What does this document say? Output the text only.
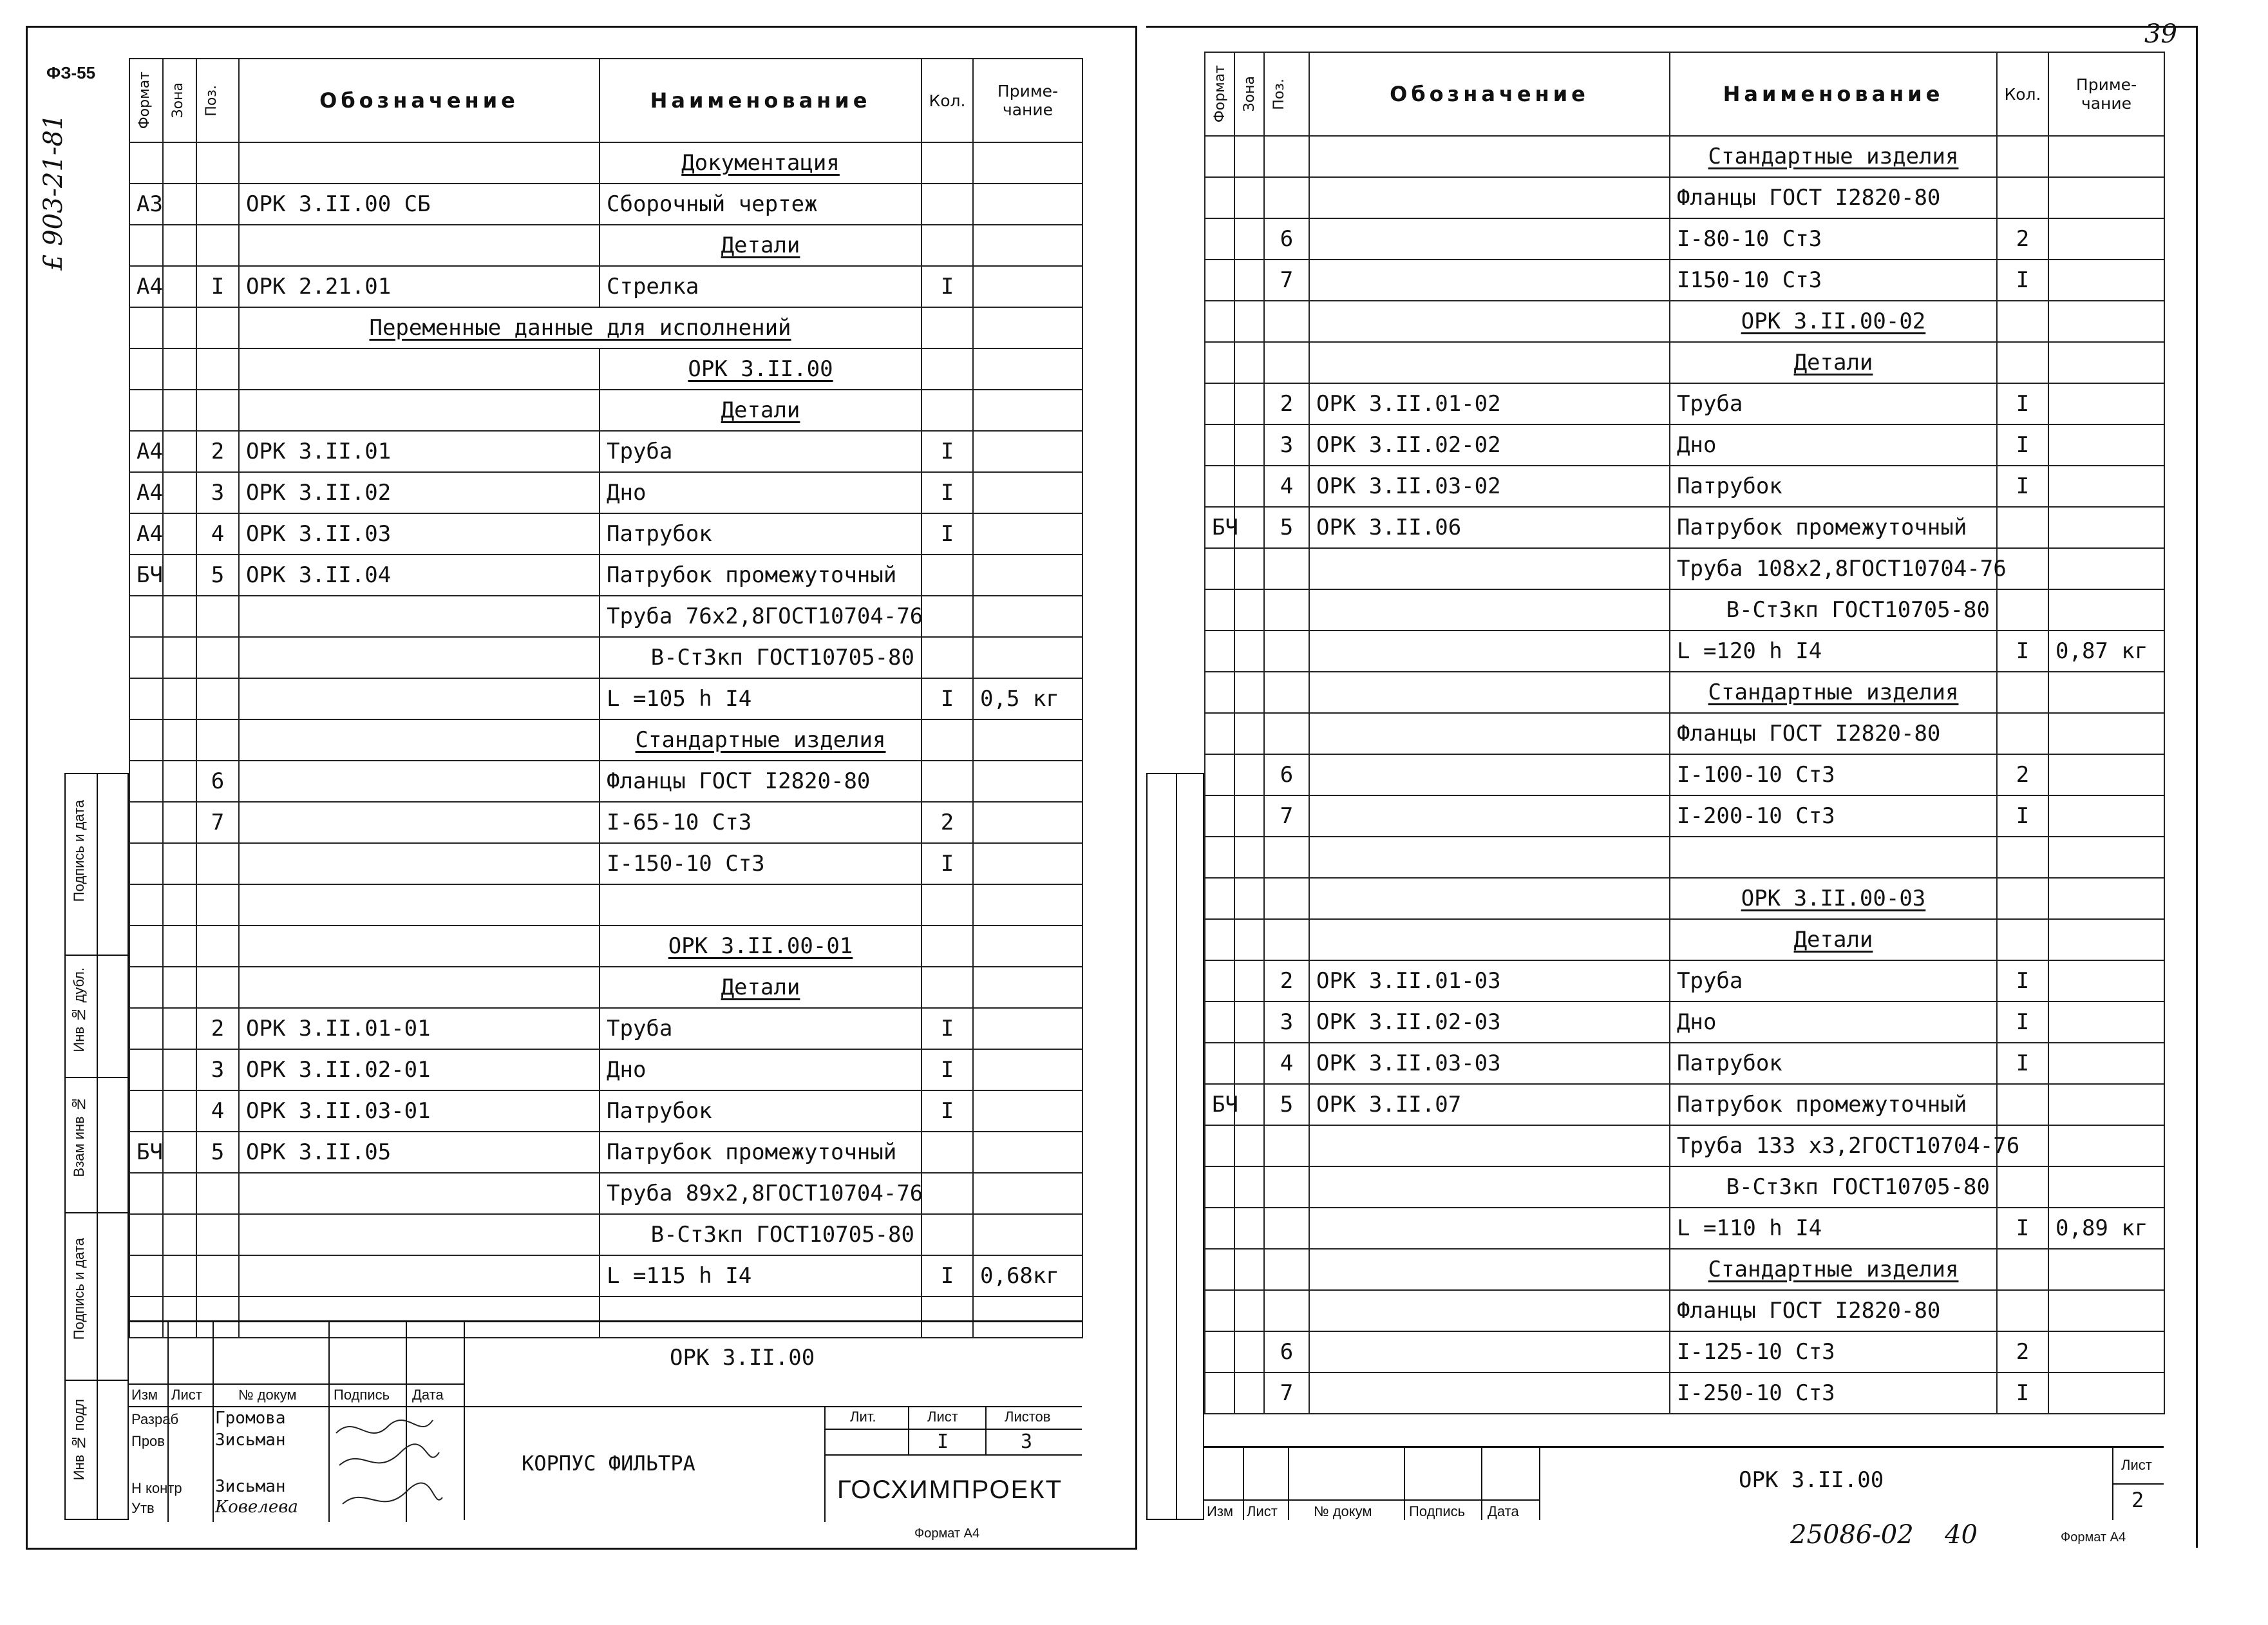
ФЗ-55
£ 903-21-81
Подпись и дата
Инв № дубл.
Взам инв №
Подпись и дата
Инв № подл
Формат	Зона	Поз.	Обозначение	Наименование	Кол.	Приме-чание
				Документация		
А3			ОРК 3.II.00 СБ	Сборочный чертеж		
				Детали		
А4		I	ОРК 2.21.01	Стрелка	I	
			Переменные данные для исполнений			
				ОРК 3.II.00		
				Детали		
А4		2	ОРК 3.II.01	Труба	I	
А4		3	ОРК 3.II.02	Дно	I	
А4		4	ОРК 3.II.03	Патрубок	I	
БЧ		5	ОРК 3.II.04	Патрубок промежуточный		
				Труба 76х2,8ГОСТ10704-76		
				В-Ст3кп ГОСТ10705-80		
				L =105 h I4	I	0,5 кг
				Стандартные изделия		
		6		Фланцы ГОСТ I2820-80		
		7		I-65-10 Ст3	2	
				I-150-10 Ст3	I	

				ОРК 3.II.00-01		
				Детали		
		2	ОРК 3.II.01-01	Труба	I	
		3	ОРК 3.II.02-01	Дно	I	
		4	ОРК 3.II.03-01	Патрубок	I	
БЧ		5	ОРК 3.II.05	Патрубок промежуточный		
				Труба 89х2,8ГОСТ10704-76		
				В-Ст3кп ГОСТ10705-80		
				L =115 h I4	I	0,68кг

Изм Лист	№ докум	Подпись Дата
Разраб
Пров
Н контр
Утв
Громова
Зисьман
Зисьман
Ковелева
ОРК 3.II.00
КОРПУС ФИЛЬТРА
Лит.	Лист	Листов
I	3
ГОСХИМПРОЕКТ
Формат А4
39
Формат	Зона	Поз.	Обозначение	Наименование	Кол.	Приме-чание
				Стандартные изделия		
				Фланцы ГОСТ I2820-80		
		6		I-80-10 Ст3	2	
		7		I150-10 Ст3	I	
				ОРК 3.II.00-02		
				Детали		
		2	ОРК 3.II.01-02	Труба	I	
		3	ОРК 3.II.02-02	Дно	I	
		4	ОРК 3.II.03-02	Патрубок	I	
БЧ		5	ОРК 3.II.06	Патрубок промежуточный		
				Труба 108х2,8ГОСТ10704-76		
				В-Ст3кп ГОСТ10705-80		
				L =120 h I4	I	0,87 кг
				Стандартные изделия		
				Фланцы ГОСТ I2820-80		
		6		I-100-10 Ст3	2	
		7		I-200-10 Ст3	I	

				ОРК 3.II.00-03		
				Детали		
		2	ОРК 3.II.01-03	Труба	I	
		3	ОРК 3.II.02-03	Дно	I	
		4	ОРК 3.II.03-03	Патрубок	I	
БЧ		5	ОРК 3.II.07	Патрубок промежуточный		
				Труба 133 х3,2ГОСТ10704-76		
				В-Ст3кп ГОСТ10705-80		
				L =110 h I4	I	0,89 кг
				Стандартные изделия		
				Фланцы ГОСТ I2820-80		
		6		I-125-10 Ст3	2	
		7		I-250-10 Ст3	I	
Изм Лист	№ докум	Подпись Дата
ОРК 3.II.00
Лист
2
25086-02 40	Формат А4
